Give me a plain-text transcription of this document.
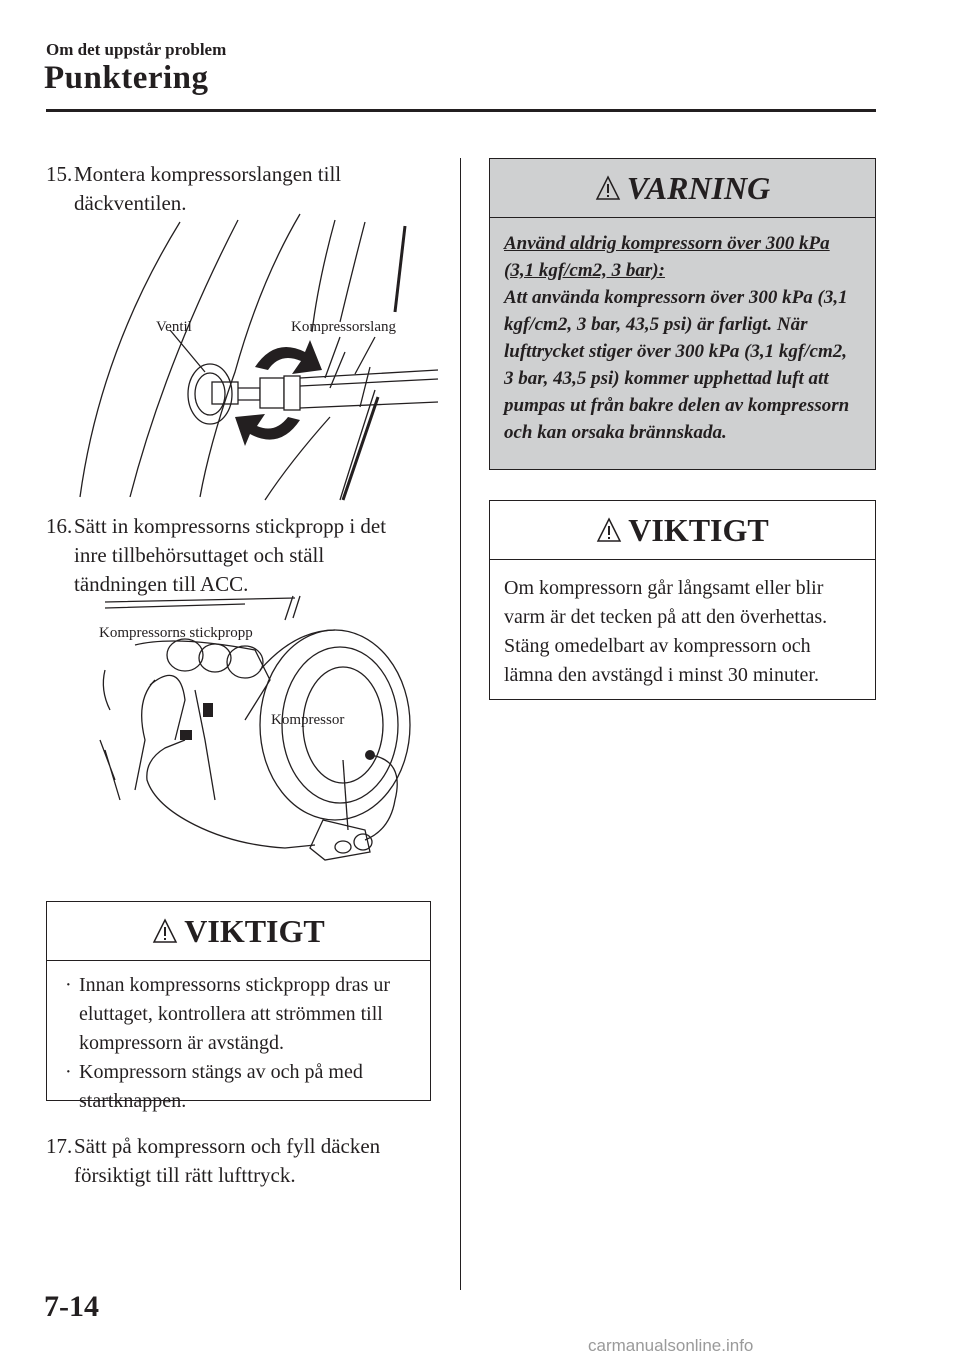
Om det uppstår problem
Punktering
15. Montera kompressorslangen till
däckventilen.
Ventil	Kompressorslang
16. Sätt in kompressorns stickpropp i det
inre tillbehörsuttaget och ställ
tändningen till ACC.
Kompressorns stickpropp
Kompressor
VIKTIGT
· Innan kompressorns stickpropp dras ur eluttaget, kontrollera att strömmen till kompressorn är avstängd.
· Kompressorn stängs av och på med startknappen.
17. Sätt på kompressorn och fyll däcken
försiktigt till rätt lufttryck.
VARNING
Använd aldrig kompressorn över 300 kPa (3,1 kgf/cm2, 3 bar):
Att använda kompressorn över 300 kPa (3,1 kgf/cm2, 3 bar, 43,5 psi) är farligt. När lufttrycket stiger över 300 kPa (3,1 kgf/cm2, 3 bar, 43,5 psi) kommer upphettad luft att pumpas ut från bakre delen av kompressorn och kan orsaka brännskada.
VIKTIGT
Om kompressorn går långsamt eller blir varm är det tecken på att den överhettas. Stäng omedelbart av kompressorn och lämna den avstängd i minst 30 minuter.
7-14
carmanualsonline.info
